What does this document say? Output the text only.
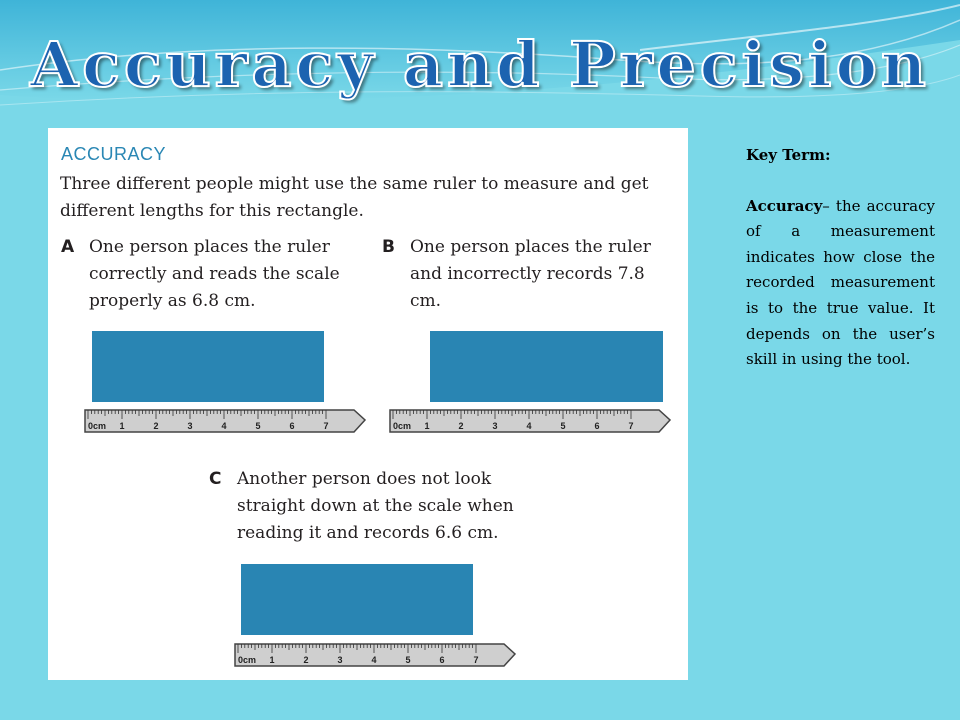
Accuracy and Precision
ACCURACY
Three different people might use the same ruler to measure and get different lengths for this rectangle.
A One person places the ruler correctly and reads the scale properly as 6.8 cm.
B One person places the ruler and incorrectly records 7.8 cm.
C Another person does not look straight down at the scale when reading it and records 6.6 cm.
0cm 1	2	3	4	5	6	7	0cm 1	2	3	4	5	6	7
0cm 1	2	3	4	5	6	7

Key Term:

Accuracy– the accuracy of a measurement indicates how close the recorded measurement is to the true value. It depends on the user’s skill in using the tool.
